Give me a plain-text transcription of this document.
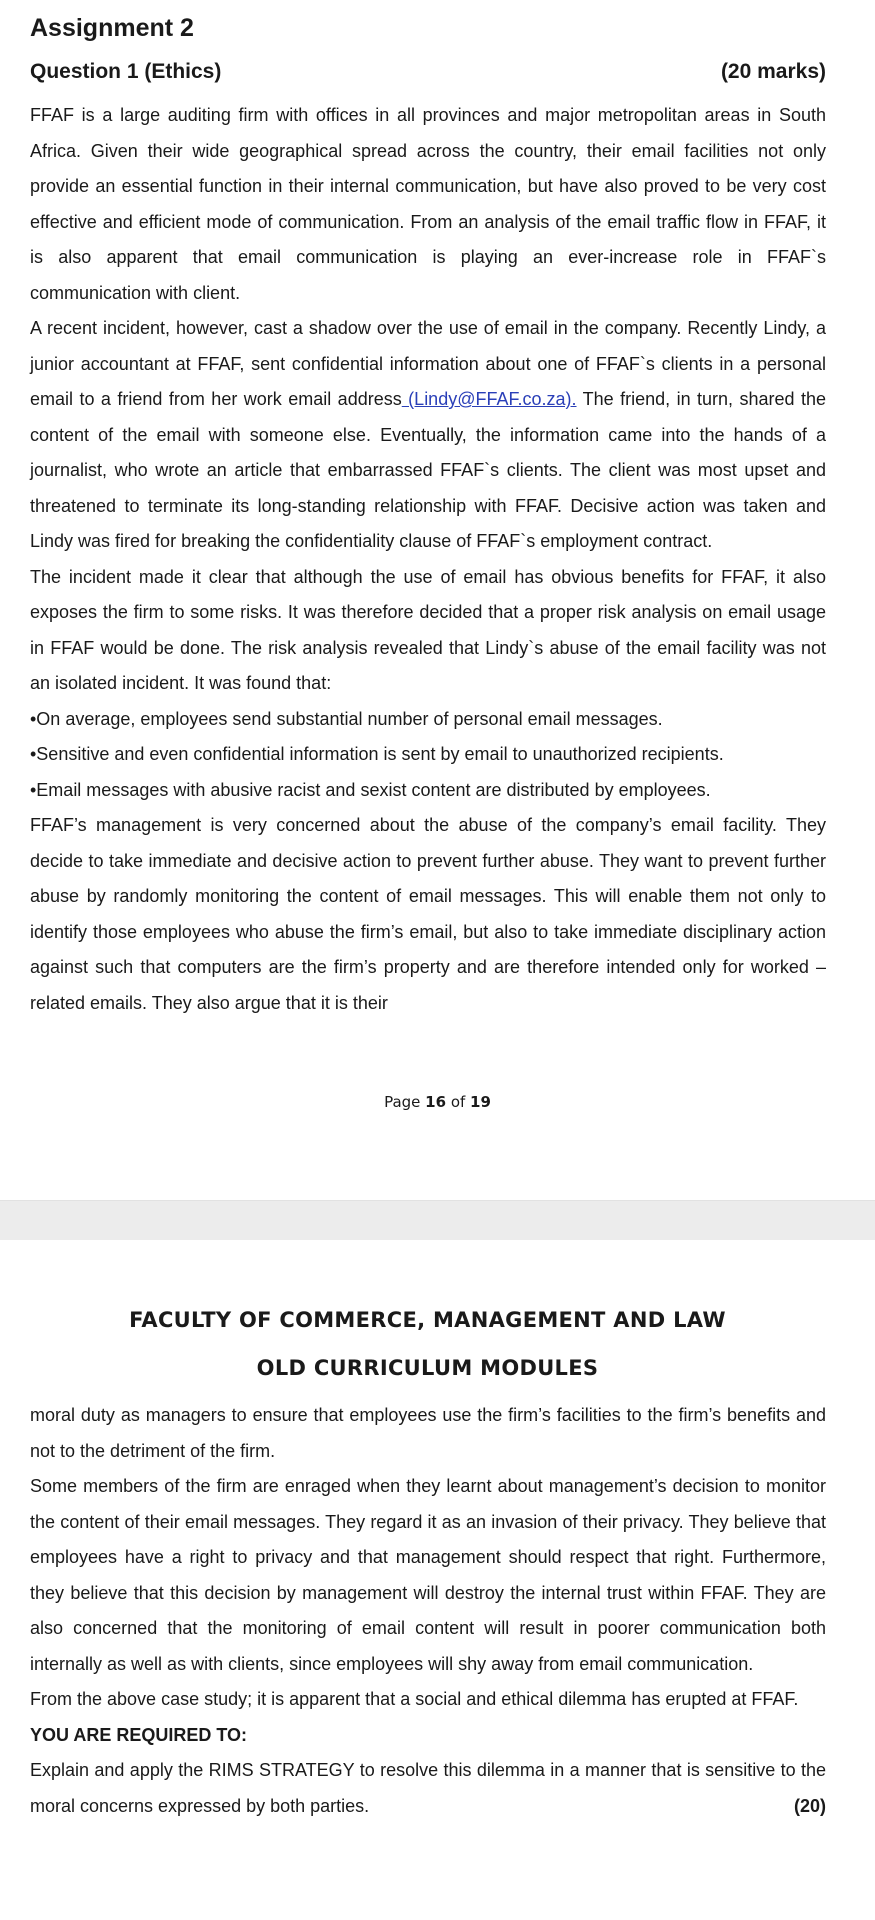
Assignment 2
Question 1 (Ethics)	(20 marks)

FFAF is a large auditing firm with offices in all provinces and major metropolitan areas in South Africa. Given their wide geographical spread across the country, their email facilities not only provide an essential function in their internal communication, but have also proved to be very cost effective and efficient mode of communication. From an analysis of the email traffic flow in FFAF, it is also apparent that email communication is playing an ever-increase role in FFAF`s communication with client.

A recent incident, however, cast a shadow over the use of email in the company. Recently Lindy, a junior accountant at FFAF, sent confidential information about one of FFAF`s clients in a personal email to a friend from her work email address (Lindy@FFAF.co.za). The friend, in turn, shared the content of the email with someone else. Eventually, the information came into the hands of a journalist, who wrote an article that embarrassed FFAF`s clients. The client was most upset and threatened to terminate its long-standing relationship with FFAF. Decisive action was taken and Lindy was fired for breaking the confidentiality clause of FFAF`s employment contract.

The incident made it clear that although the use of email has obvious benefits for FFAF, it also exposes the firm to some risks. It was therefore decided that a proper risk analysis on email usage in FFAF would be done. The risk analysis revealed that Lindy`s abuse of the email facility was not an isolated incident. It was found that:

•On average, employees send substantial number of personal email messages.

•Sensitive and even confidential information is sent by email to unauthorized recipients.

•Email messages with abusive racist and sexist content are distributed by employees.

FFAF’s management is very concerned about the abuse of the company’s email facility. They decide to take immediate and decisive action to prevent further abuse. They want to prevent further abuse by randomly monitoring the content of email messages. This will enable them not only to identify those employees who abuse the firm’s email, but also to take immediate disciplinary action against such that computers are the firm’s property and are therefore intended only for worked – related emails. They also argue that it is their

Page 16 of 19
FACULTY OF COMMERCE, MANAGEMENT AND LAW
OLD CURRICULUM MODULES

moral duty as managers to ensure that employees use the firm’s facilities to the firm’s benefits and not to the detriment of the firm.

Some members of the firm are enraged when they learnt about management’s decision to monitor the content of their email messages. They regard it as an invasion of their privacy. They believe that employees have a right to privacy and that management should respect that right. Furthermore, they believe that this decision by management will destroy the internal trust within FFAF. They are also concerned that the monitoring of email content will result in poorer communication both internally as well as with clients, since employees will shy away from email communication.

From the above case study; it is apparent that a social and ethical dilemma has erupted at FFAF.

YOU ARE REQUIRED TO:

Explain and apply the RIMS STRATEGY to resolve this dilemma in a manner that is sensitive to the moral concerns expressed by both parties.	(20)
